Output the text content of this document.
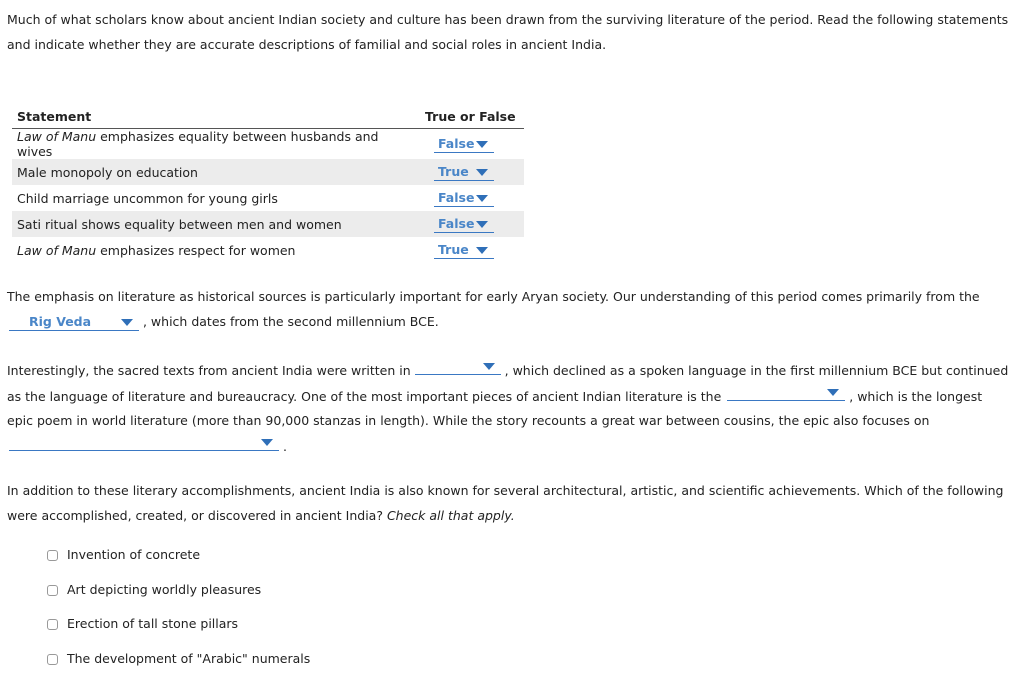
Much of what scholars know about ancient Indian society and culture has been drawn from the surviving literature of the period. Read the following statements and indicate whether they are accurate descriptions of familial and social roles in ancient India.

Statement	True or False
Law of Manu emphasizes equality between husbands and wives	False

Male monopoly on education	True

Child marriage uncommon for young girls	False

Sati ritual shows equality between men and women	False

Law of Manu emphasizes respect for women	True

The emphasis on literature as historical sources is particularly important for early Aryan society. Our understanding of this period comes primarily from the Rig Veda	, which dates from the second millennium BCE.

Interestingly, the sacred texts from ancient India were written in	, which declined as a spoken language in the first millennium BCE but continued as the language of literature and bureaucracy. One of the most important pieces of ancient Indian literature is the	, which is the longest epic poem in world literature (more than 90,000 stanzas in length). While the story recounts a great war between cousins, the epic also focuses on
.

In addition to these literary accomplishments, ancient India is also known for several architectural, artistic, and scientific achievements. Which of the following were accomplished, created, or discovered in ancient India? Check all that apply.

Invention of concrete
Art depicting worldly pleasures
Erection of tall stone pillars
The development of "Arabic" numerals
